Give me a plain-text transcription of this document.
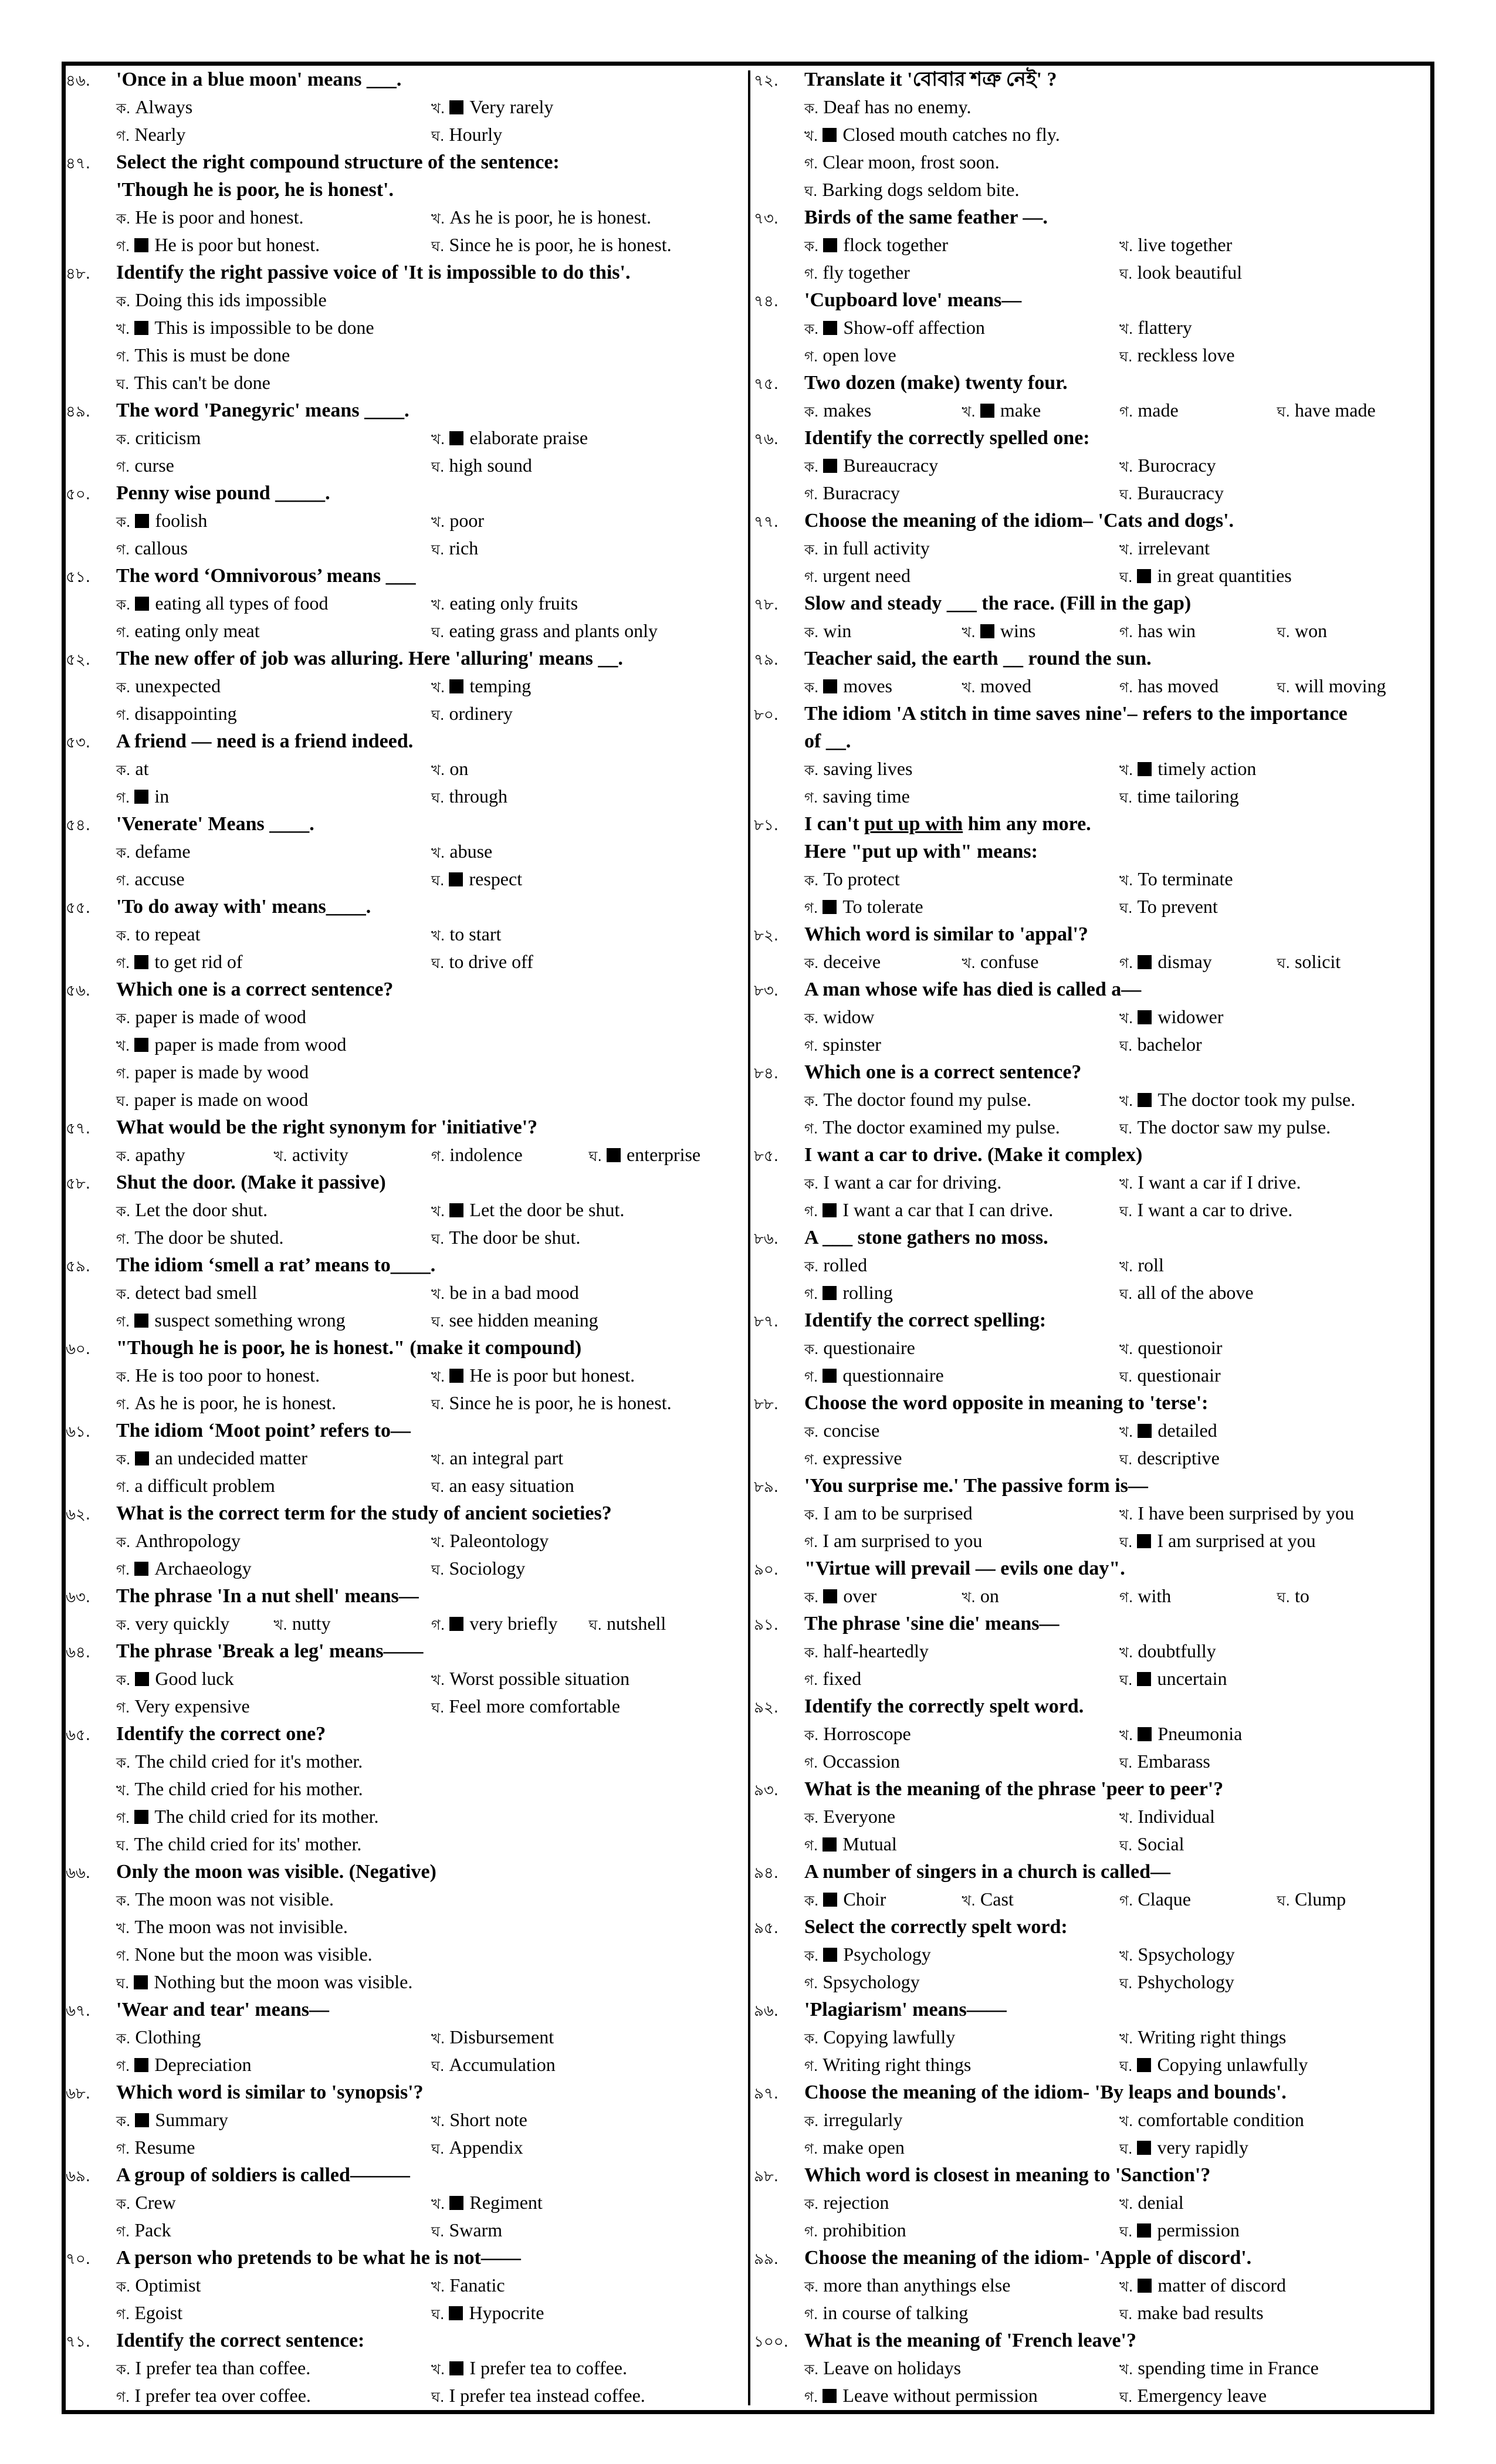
৪৬.	'Once in a blue moon' means ___.
ক. Always	খ. Very rarely
গ. Nearly	ঘ. Hourly
৪৭.	Select the right compound structure of the sentence:
'Though he is poor, he is honest'.
ক. He is poor and honest.	খ. As he is poor, he is honest.
গ. He is poor but honest.	ঘ. Since he is poor, he is honest.
৪৮.	Identify the right passive voice of 'It is impossible to do this'.
ক. Doing this ids impossible
খ. This is impossible to be done
গ. This is must be done
ঘ. This can't be done
৪৯.	The word 'Panegyric' means ____.
ক. criticism	খ. elaborate praise
গ. curse	ঘ. high sound
৫০.	Penny wise pound _____.
ক. foolish	খ. poor
গ. callous	ঘ. rich
৫১.	The word ‘Omnivorous’ means ___
ক. eating all types of food	খ. eating only fruits
গ. eating only meat	ঘ. eating grass and plants only
৫২.	The new offer of job was alluring. Here 'alluring' means __.
ক. unexpected	খ. temping
গ. disappointing	ঘ. ordinery
৫৩.	A friend — need is a friend indeed.
ক. at	খ. on
গ. in	ঘ. through
৫৪.	'Venerate' Means ____.
ক. defame	খ. abuse
গ. accuse	ঘ. respect
৫৫.	'To do away with' means____.
ক. to repeat	খ. to start
গ. to get rid of	ঘ. to drive off
৫৬.	Which one is a correct sentence?
ক. paper is made of wood
খ. paper is made from wood
গ. paper is made by wood
ঘ. paper is made on wood
৫৭.	What would be the right synonym for 'initiative'?
ক. apathy	খ. activity	গ. indolence	ঘ. enterprise
৫৮.	Shut the door. (Make it passive)
ক. Let the door shut.	খ. Let the door be shut.
গ. The door be shuted.	ঘ. The door be shut.
৫৯.	The idiom ‘smell a rat’ means to____.
ক. detect bad smell	খ. be in a bad mood
গ. suspect something wrong	ঘ. see hidden meaning
৬০.	"Though he is poor, he is honest." (make it compound)
ক. He is too poor to honest.	খ. He is poor but honest.
গ. As he is poor, he is honest.	ঘ. Since he is poor, he is honest.
৬১.	The idiom ‘Moot point’ refers to—
ক. an undecided matter	খ. an integral part
গ. a difficult problem	ঘ. an easy situation
৬২.	What is the correct term for the study of ancient societies?
ক. Anthropology	খ. Paleontology
গ. Archaeology	ঘ. Sociology
৬৩.	The phrase 'In a nut shell' means—
ক. very quickly	খ. nutty	গ. very briefly	ঘ. nutshell
৬৪.	The phrase 'Break a leg' means——
ক. Good luck	খ. Worst possible situation
গ. Very expensive	ঘ. Feel more comfortable
৬৫.	Identify the correct one?
ক. The child cried for it's mother.
খ. The child cried for his mother.
গ. The child cried for its mother.
ঘ. The child cried for its' mother.
৬৬.	Only the moon was visible. (Negative)
ক. The moon was not visible.
খ. The moon was not invisible.
গ. None but the moon was visible.
ঘ. Nothing but the moon was visible.
৬৭.	'Wear and tear' means—
ক. Clothing	খ. Disbursement
গ. Depreciation	ঘ. Accumulation
৬৮.	Which word is similar to 'synopsis'?
ক. Summary	খ. Short note
গ. Resume	ঘ. Appendix
৬৯.	A group of soldiers is called———
ক. Crew	খ. Regiment
গ. Pack	ঘ. Swarm
৭০.	A person who pretends to be what he is not——
ক. Optimist	খ. Fanatic
গ. Egoist	ঘ. Hypocrite
৭১.	Identify the correct sentence:
ক. I prefer tea than coffee.	খ. I prefer tea to coffee.
গ. I prefer tea over coffee.	ঘ. I prefer tea instead coffee.
৭২.	Translate it 'বোবার শত্রু নেই' ?
ক. Deaf has no enemy.
খ. Closed mouth catches no fly.
গ. Clear moon, frost soon.
ঘ. Barking dogs seldom bite.
৭৩.	Birds of the same feather —.
ক. flock together	খ. live together
গ. fly together	ঘ. look beautiful
৭৪.	'Cupboard love' means—
ক. Show-off affection	খ. flattery
গ. open love	ঘ. reckless love
৭৫.	Two dozen (make) twenty four.
ক. makes	খ. make	গ. made	ঘ. have made
৭৬.	Identify the correctly spelled one:
ক. Bureaucracy	খ. Burocracy
গ. Buracracy	ঘ. Buraucracy
৭৭.	Choose the meaning of the idiom– 'Cats and dogs'.
ক. in full activity	খ. irrelevant
গ. urgent need	ঘ. in great quantities
৭৮.	Slow and steady ___ the race. (Fill in the gap)
ক. win	খ. wins	গ. has win	ঘ. won
৭৯.	Teacher said, the earth __ round the sun.
ক. moves	খ. moved	গ. has moved	ঘ. will moving
৮০.	The idiom 'A stitch in time saves nine'– refers to the importance
of __.
ক. saving lives	খ. timely action
গ. saving time	ঘ. time tailoring
৮১.	I can't put up with him any more.
Here "put up with" means:
ক. To protect	খ. To terminate
গ. To tolerate	ঘ. To prevent
৮২.	Which word is similar to 'appal'?
ক. deceive	খ. confuse	গ. dismay	ঘ. solicit
৮৩.	A man whose wife has died is called a—
ক. widow	খ. widower
গ. spinster	ঘ. bachelor
৮৪.	Which one is a correct sentence?
ক. The doctor found my pulse.	খ. The doctor took my pulse.
গ. The doctor examined my pulse.	ঘ. The doctor saw my pulse.
৮৫.	I want a car to drive. (Make it complex)
ক. I want a car for driving.	খ. I want a car if I drive.
গ. I want a car that I can drive.	ঘ. I want a car to drive.
৮৬.	A ___ stone gathers no moss.
ক. rolled	খ. roll
গ. rolling	ঘ. all of the above
৮৭.	Identify the correct spelling:
ক. questionaire	খ. questionoir
গ. questionnaire	ঘ. questionair
৮৮.	Choose the word opposite in meaning to 'terse':
ক. concise	খ. detailed
গ. expressive	ঘ. descriptive
৮৯.	'You surprise me.' The passive form is—
ক. I am to be surprised	খ. I have been surprised by you
গ. I am surprised to you	ঘ. I am surprised at you
৯০.	"Virtue will prevail — evils one day".
ক. over	খ. on	গ. with	ঘ. to
৯১.	The phrase 'sine die' means—
ক. half-heartedly	খ. doubtfully
গ. fixed	ঘ. uncertain
৯২.	Identify the correctly spelt word.
ক. Horroscope	খ. Pneumonia
গ. Occassion	ঘ. Embarass
৯৩.	What is the meaning of the phrase 'peer to peer'?
ক. Everyone	খ. Individual
গ. Mutual	ঘ. Social
৯৪.	A number of singers in a church is called—
ক. Choir	খ. Cast	গ. Claque	ঘ. Clump
৯৫.	Select the correctly spelt word:
ক. Psychology	খ. Spsychology
গ. Spsychology	ঘ. Pshychology
৯৬.	'Plagiarism' means——
ক. Copying lawfully	খ. Writing right things
গ. Writing right things	ঘ. Copying unlawfully
৯৭.	Choose the meaning of the idiom- 'By leaps and bounds'.
ক. irregularly	খ. comfortable condition
গ. make open	ঘ. very rapidly
৯৮.	Which word is closest in meaning to 'Sanction'?
ক. rejection	খ. denial
গ. prohibition	ঘ. permission
৯৯.	Choose the meaning of the idiom- 'Apple of discord'.
ক. more than anythings else	খ. matter of discord
গ. in course of talking	ঘ. make bad results
১০০. What is the meaning of 'French leave'?
ক. Leave on holidays	খ. spending time in France
গ. Leave without permission	ঘ. Emergency leave
